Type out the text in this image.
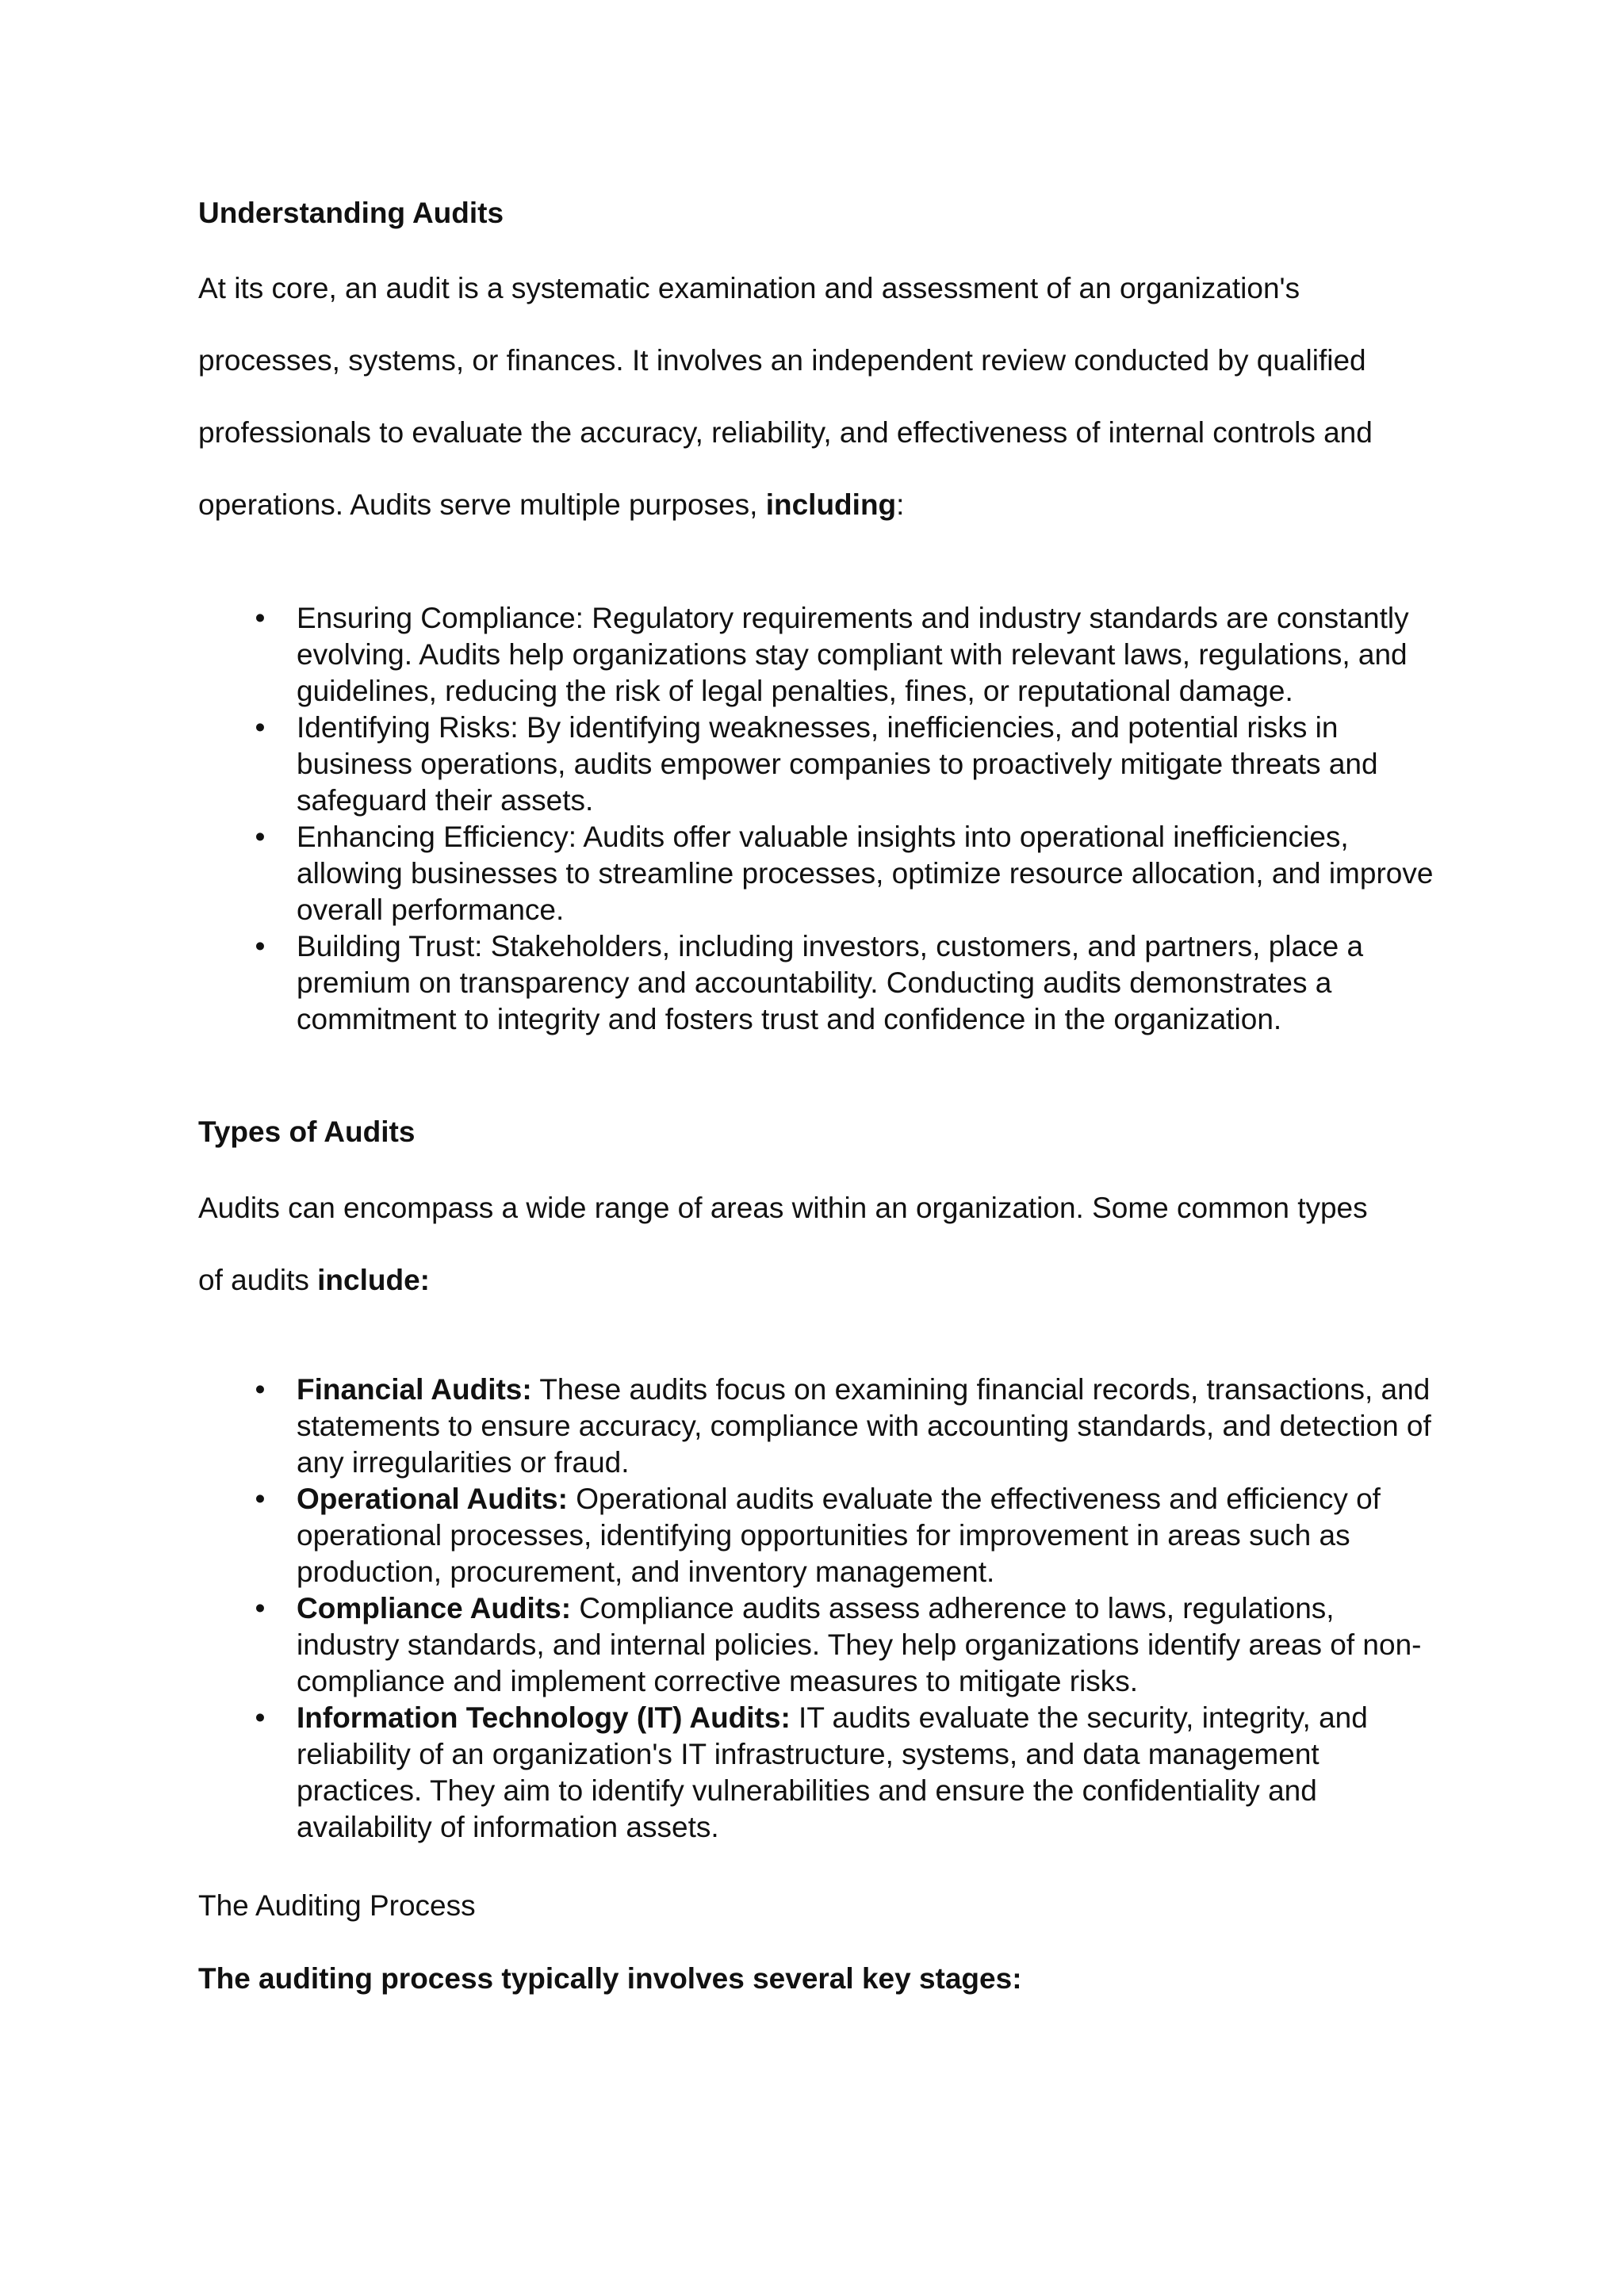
Understanding Audits
At its core, an audit is a systematic examination and assessment of an organization's
processes, systems, or finances. It involves an independent review conducted by qualified
professionals to evaluate the accuracy, reliability, and effectiveness of internal controls and
operations. Audits serve multiple purposes, including:
• Ensuring Compliance: Regulatory requirements and industry standards are constantly evolving. Audits help organizations stay compliant with relevant laws, regulations, and guidelines, reducing the risk of legal penalties, fines, or reputational damage.
• Identifying Risks: By identifying weaknesses, inefficiencies, and potential risks in business operations, audits empower companies to proactively mitigate threats and safeguard their assets.
• Enhancing Efficiency: Audits offer valuable insights into operational inefficiencies, allowing businesses to streamline processes, optimize resource allocation, and improve overall performance.
• Building Trust: Stakeholders, including investors, customers, and partners, place a premium on transparency and accountability. Conducting audits demonstrates a commitment to integrity and fosters trust and confidence in the organization.
Types of Audits
Audits can encompass a wide range of areas within an organization. Some common types
of audits include:
• Financial Audits: These audits focus on examining financial records, transactions, and statements to ensure accuracy, compliance with accounting standards, and detection of any irregularities or fraud.
• Operational Audits: Operational audits evaluate the effectiveness and efficiency of operational processes, identifying opportunities for improvement in areas such as production, procurement, and inventory management.
• Compliance Audits: Compliance audits assess adherence to laws, regulations, industry standards, and internal policies. They help organizations identify areas of non-compliance and implement corrective measures to mitigate risks.
• Information Technology (IT) Audits: IT audits evaluate the security, integrity, and reliability of an organization's IT infrastructure, systems, and data management practices. They aim to identify vulnerabilities and ensure the confidentiality and availability of information assets.
The Auditing Process
The auditing process typically involves several key stages:
